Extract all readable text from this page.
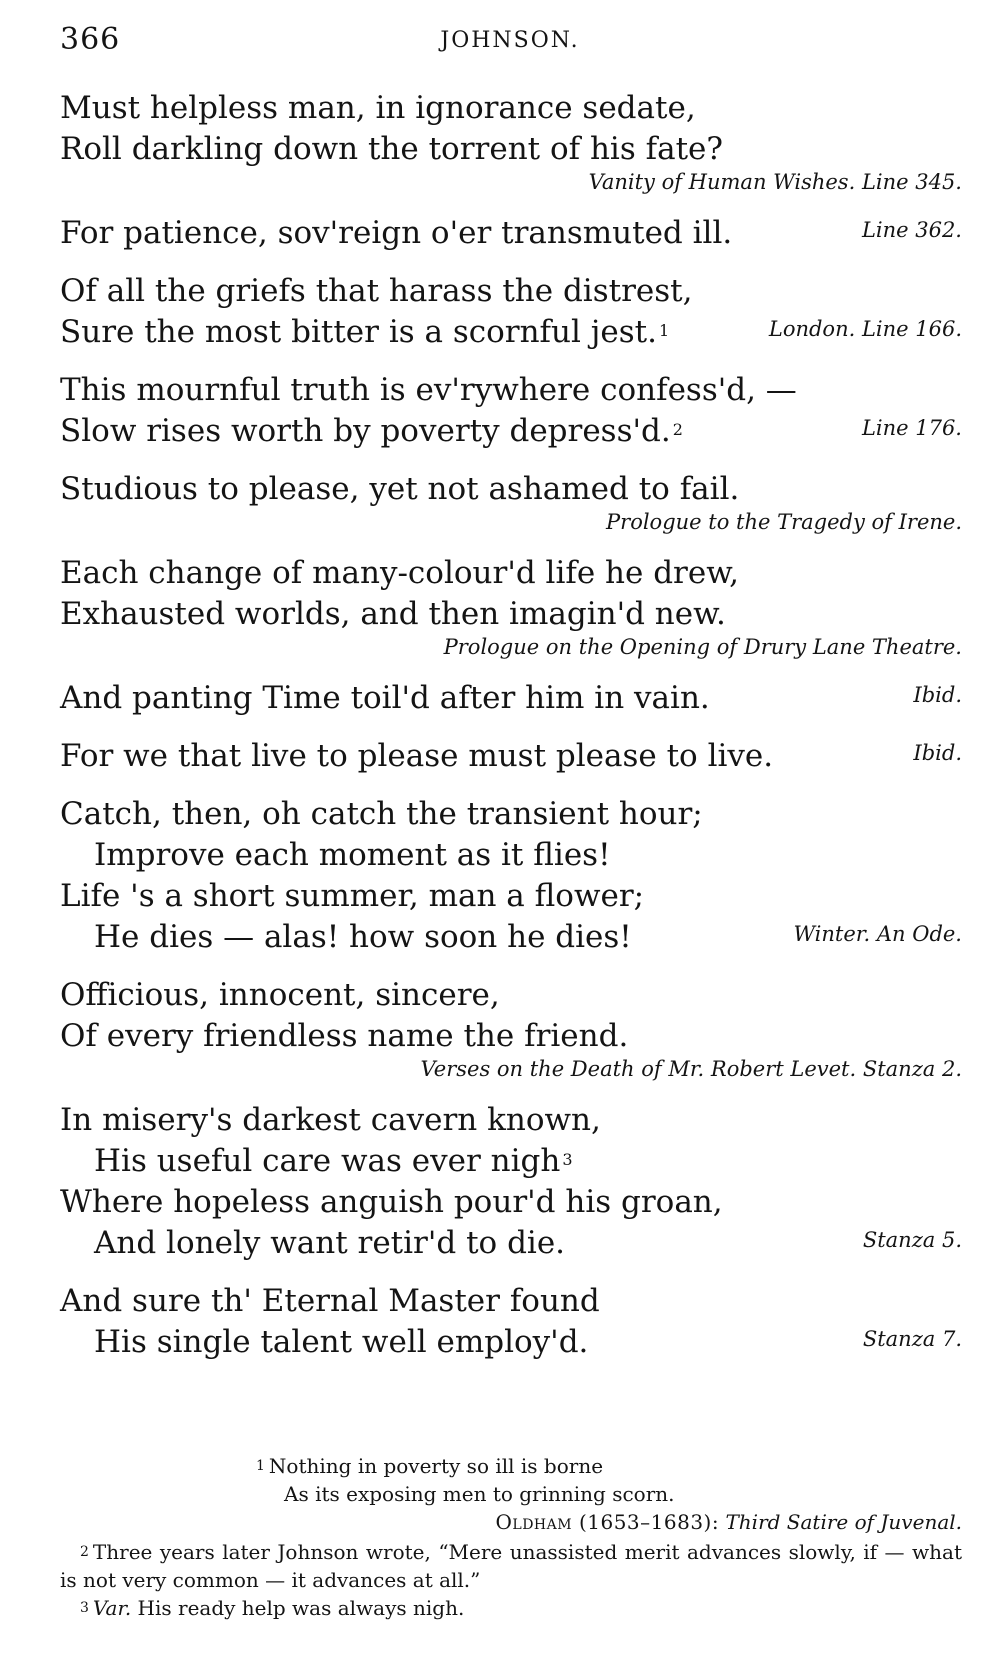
366	JOHNSON.
Must helpless man, in ignorance sedate,
Roll darkling down the torrent of his fate?
Vanity of Human Wishes. Line 345.
For patience, sov'reign o'er transmuted ill.	Line 362.
Of all the griefs that harass the distrest,
Sure the most bitter is a scornful jest. $^1$	London. Line 166.
This mournful truth is ev'rywhere confess'd, —
Slow rises worth by poverty depress'd. $^2$	Line 176.
Studious to please, yet not ashamed to fail.
Prologue to the Tragedy of Irene.
Each change of many-colour'd life he drew,
Exhausted worlds, and then imagin'd new.
Prologue on the Opening of Drury Lane Theatre.
And panting Time toil'd after him in vain.	Ibid.
For we that live to please must please to live.	Ibid.
Catch, then, oh catch the transient hour;
Improve each moment as it flies!
Life 's a short summer, man a flower;
He dies — alas! how soon he dies!	Winter. An Ode.
Officious, innocent, sincere,
Of every friendless name the friend.
Verses on the Death of Mr. Robert Levet. Stanza 2.
In misery's darkest cavern known,
His useful care was ever nigh $^3$
Where hopeless anguish pour'd his groan,
And lonely want retir'd to die.	Stanza 5.
And sure th' Eternal Master found
His single talent well employ'd.	Stanza 7.
$^1$ Nothing in poverty so ill is borne
As its exposing men to grinning scorn.
Oldham (1653–1683): Third Satire of Juvenal.
$^2$ Three years later Johnson wrote, “Mere unassisted merit advances slowly, if — what is not very common — it advances at all.”
$^3$ Var. His ready help was always nigh.
